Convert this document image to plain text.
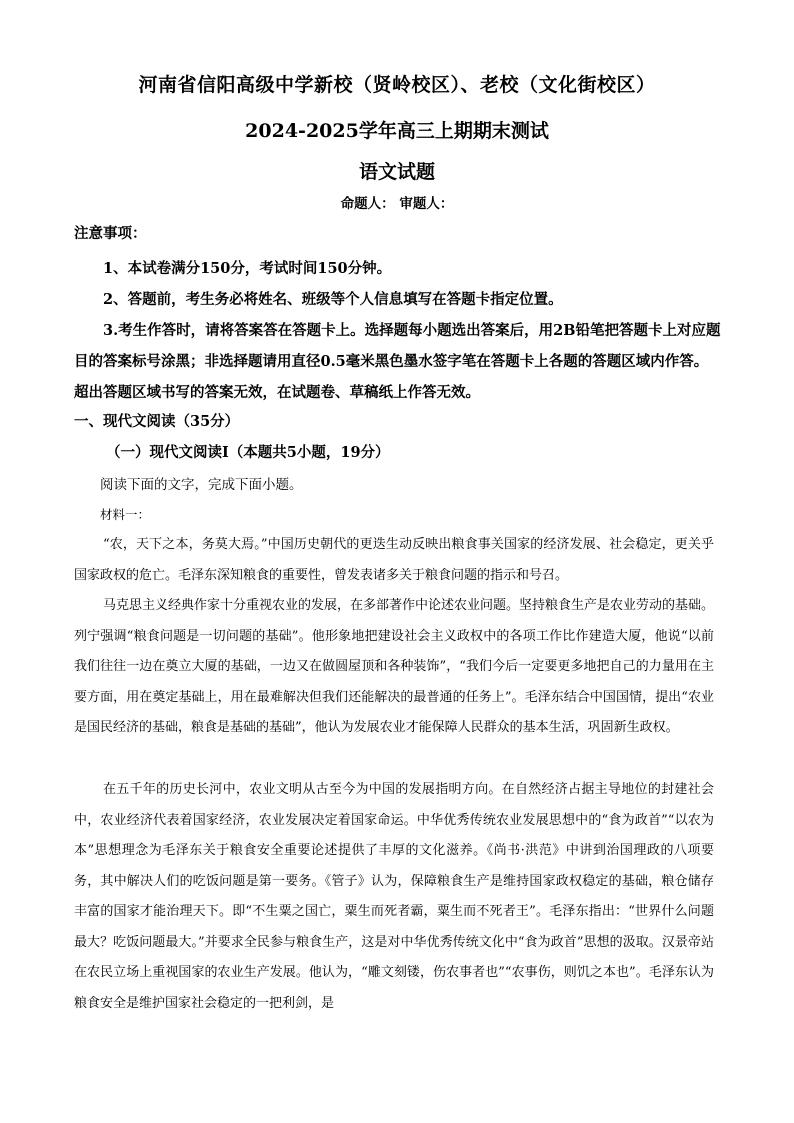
河南省信阳高级中学新校（贤岭校区）、老校（文化街校区）
2024-2025学年高三上期期末测试
语文试题
命题人： 审题人：
注意事项：

1、本试卷满分150分，考试时间150分钟。

2、答题前，考生务必将姓名、班级等个人信息填写在答题卡指定位置。

3.考生作答时，请将答案答在答题卡上。选择题每小题选出答案后，用2B铅笔把答题卡上对应题目的答案标号涂黑；非选择题请用直径0.5毫米黑色墨水签字笔在答题卡上各题的答题区域内作答。超出答题区域书写的答案无效，在试题卷、草稿纸上作答无效。

一、现代文阅读（35分）
（一）现代文阅读Ⅰ（本题共5小题，19分）
阅读下面的文字，完成下面小题。
材料一：

“农，天下之本，务莫大焉。”中国历史朝代的更迭生动反映出粮食事关国家的经济发展、社会稳定，更关乎国家政权的危亡。毛泽东深知粮食的重要性，曾发表诸多关于粮食问题的指示和号召。

马克思主义经典作家十分重视农业的发展，在多部著作中论述农业问题。坚持粮食生产是农业劳动的基础。列宁强调“粮食问题是一切问题的基础”。他形象地把建设社会主义政权中的各项工作比作建造大厦，他说“以前我们往往一边在奠立大厦的基础，一边又在做圆屋顶和各种装饰”，“我们今后一定要更多地把自己的力量用在主要方面，用在奠定基础上，用在最难解决但我们还能解决的最普通的任务上”。毛泽东结合中国国情，提出“农业是国民经济的基础，粮食是基础的基础”，他认为发展农业才能保障人民群众的基本生活，巩固新生政权。

在五千年的历史长河中，农业文明从古至今为中国的发展指明方向。在自然经济占据主导地位的封建社会中，农业经济代表着国家经济，农业发展决定着国家命运。中华优秀传统农业发展思想中的“食为政首”“以农为本”思想理念为毛泽东关于粮食安全重要论述提供了丰厚的文化滋养。《尚书·洪范》中讲到治国理政的八项要务，其中解决人们的吃饭问题是第一要务。《管子》认为，保障粮食生产是维持国家政权稳定的基础，粮仓储存丰富的国家才能治理天下。即“不生粟之国亡，粟生而死者霸，粟生而不死者王”。毛泽东指出：“世界什么问题最大？吃饭问题最大。”并要求全民参与粮食生产，这是对中华优秀传统文化中“食为政首”思想的汲取。汉景帝站在农民立场上重视国家的农业生产发展。他认为，“雕文刻镂，伤农事者也”“农事伤，则饥之本也”。毛泽东认为粮食安全是维护国家社会稳定的一把利剑，是
